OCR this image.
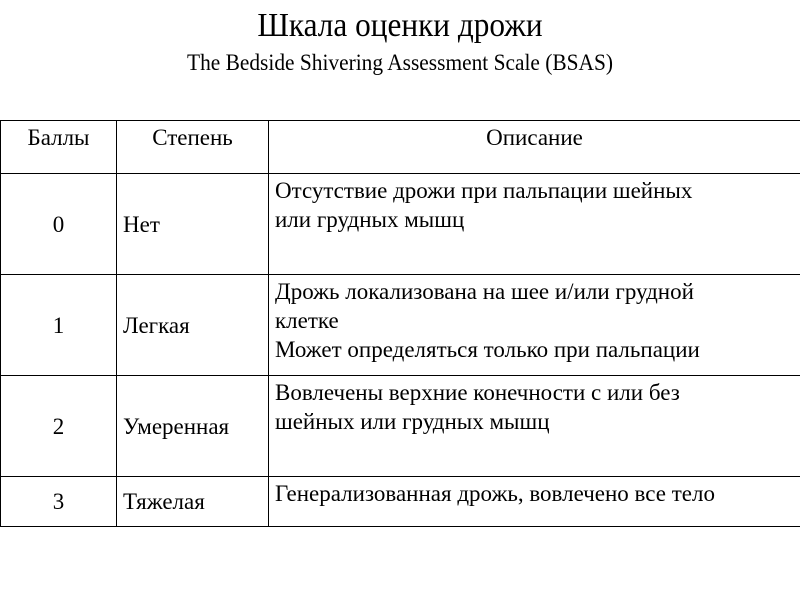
Шкала оценки дрожи
The Bedside Shivering Assessment Scale (BSAS)
Баллы	Степень	Описание
0	Нет	Отсутствие дрожи при пальпации шейных
или грудных мышц

1	Легкая	Дрожь локализована на шее и/или грудной
клетке
Может определяться только при пальпации

2	Умеренная	Вовлечены верхние конечности с или без
шейных или грудных мышц

3	Тяжелая	Генерализованная дрожь, вовлечено все тело
